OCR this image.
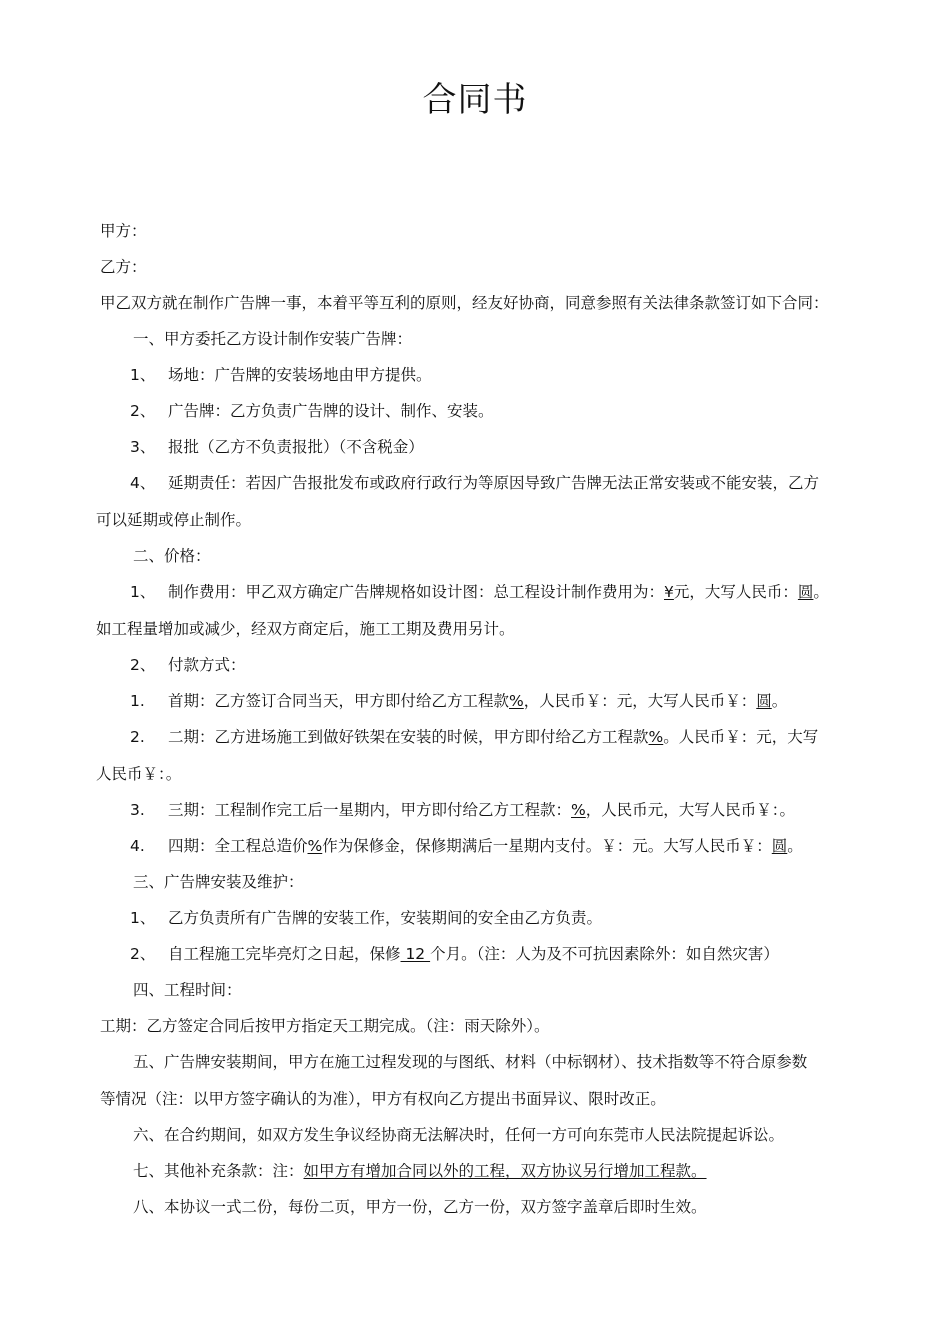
合同书
甲方：
乙方：
甲乙双方就在制作广告牌一事，本着平等互利的原则，经友好协商，同意参照有关法律条款签订如下合同：
一、甲方委托乙方设计制作安装广告牌：
1、 场地：广告牌的安装场地由甲方提供。
2、 广告牌：乙方负责广告牌的设计、制作、安装。
3、 报批（乙方不负责报批）（不含税金）
4、 延期责任：若因广告报批发布或政府行政行为等原因导致广告牌无法正常安装或不能安装，乙方
可以延期或停止制作。
二、价格：
1、 制作费用：甲乙双方确定广告牌规格如设计图：总工程设计制作费用为：¥元，大写人民币：圆。
如工程量增加或减少，经双方商定后，施工工期及费用另计。
2、 付款方式：
1. 首期：乙方签订合同当天，甲方即付给乙方工程款%，人民币￥：元，大写人民币￥：圆。
2. 二期：乙方进场施工到做好铁架在安装的时候，甲方即付给乙方工程款%。人民币￥：元，大写
人民币￥：。
3. 三期：工程制作完工后一星期内，甲方即付给乙方工程款：%，人民币元，大写人民币￥：。
4. 四期：全工程总造价%作为保修金，保修期满后一星期内支付。￥：元。大写人民币￥：圆。
三、广告牌安装及维护：
1、 乙方负责所有广告牌的安装工作，安装期间的安全由乙方负责。
2、 自工程施工完毕亮灯之日起，保修 12 个月。（注：人为及不可抗因素除外：如自然灾害）
四、工程时间：
工期：乙方签定合同后按甲方指定天工期完成。（注：雨天除外）。
五、广告牌安装期间，甲方在施工过程发现的与图纸、材料（中标钢材）、技术指数等不符合原参数
等情况（注：以甲方签字确认的为准），甲方有权向乙方提出书面异议、限时改正。
六、在合约期间，如双方发生争议经协商无法解决时，任何一方可向东莞市人民法院提起诉讼。
七、其他补充条款：注：如甲方有增加合同以外的工程，双方协议另行增加工程款。
八、本协议一式二份，每份二页，甲方一份，乙方一份，双方签字盖章后即时生效。
